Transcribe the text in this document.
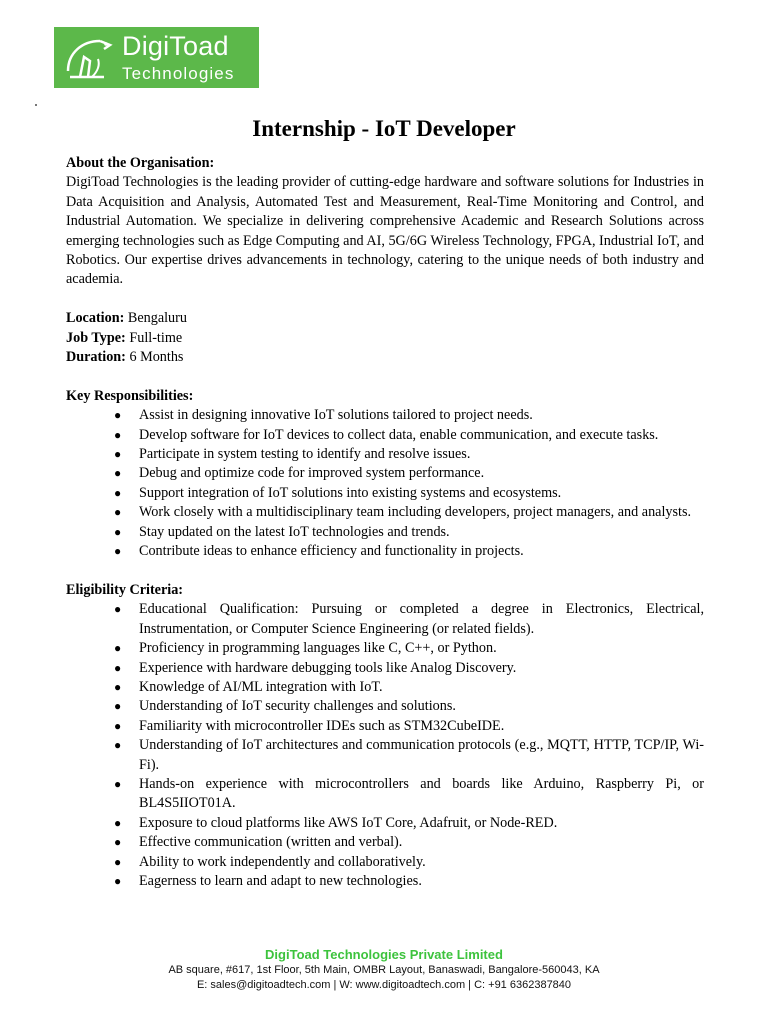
DigiToad
Technologies
Internship - IoT Developer

About the Organisation:

DigiToad Technologies is the leading provider of cutting-edge hardware and software solutions for Industries in Data Acquisition and Analysis, Automated Test and Measurement, Real-Time Monitoring and Control, and Industrial Automation. We specialize in delivering comprehensive Academic and Research Solutions across emerging technologies such as Edge Computing and AI, 5G/6G Wireless Technology, FPGA, Industrial IoT, and Robotics. Our expertise drives advancements in technology, catering to the unique needs of both industry and academia.

Location: Bengaluru

Job Type: Full-time

Duration: 6 Months

Key Responsibilities:

● Assist in designing innovative IoT solutions tailored to project needs.
● Develop software for IoT devices to collect data, enable communication, and execute tasks.
● Participate in system testing to identify and resolve issues.
● Debug and optimize code for improved system performance.
● Support integration of IoT solutions into existing systems and ecosystems.
● Work closely with a multidisciplinary team including developers, project managers, and analysts.
● Stay updated on the latest IoT technologies and trends.
● Contribute ideas to enhance efficiency and functionality in projects.

Eligibility Criteria:

● Educational Qualification: Pursuing or completed a degree in Electronics, Electrical, Instrumentation, or Computer Science Engineering (or related fields).
● Proficiency in programming languages like C, C++, or Python.
● Experience with hardware debugging tools like Analog Discovery.
● Knowledge of AI/ML integration with IoT.
● Understanding of IoT security challenges and solutions.
● Familiarity with microcontroller IDEs such as STM32CubeIDE.
● Understanding of IoT architectures and communication protocols (e.g., MQTT, HTTP, TCP/IP, Wi-Fi).
● Hands-on experience with microcontrollers and boards like Arduino, Raspberry Pi, or BL4S5IIOT01A.
● Exposure to cloud platforms like AWS IoT Core, Adafruit, or Node-RED.
● Effective communication (written and verbal).
● Ability to work independently and collaboratively.
● Eagerness to learn and adapt to new technologies.
DigiToad Technologies Private Limited
AB square, #617, 1st Floor, 5th Main, OMBR Layout, Banaswadi, Bangalore-560043, KA
E: sales@digitoadtech.com | W: www.digitoadtech.com | C: +91 6362387840
